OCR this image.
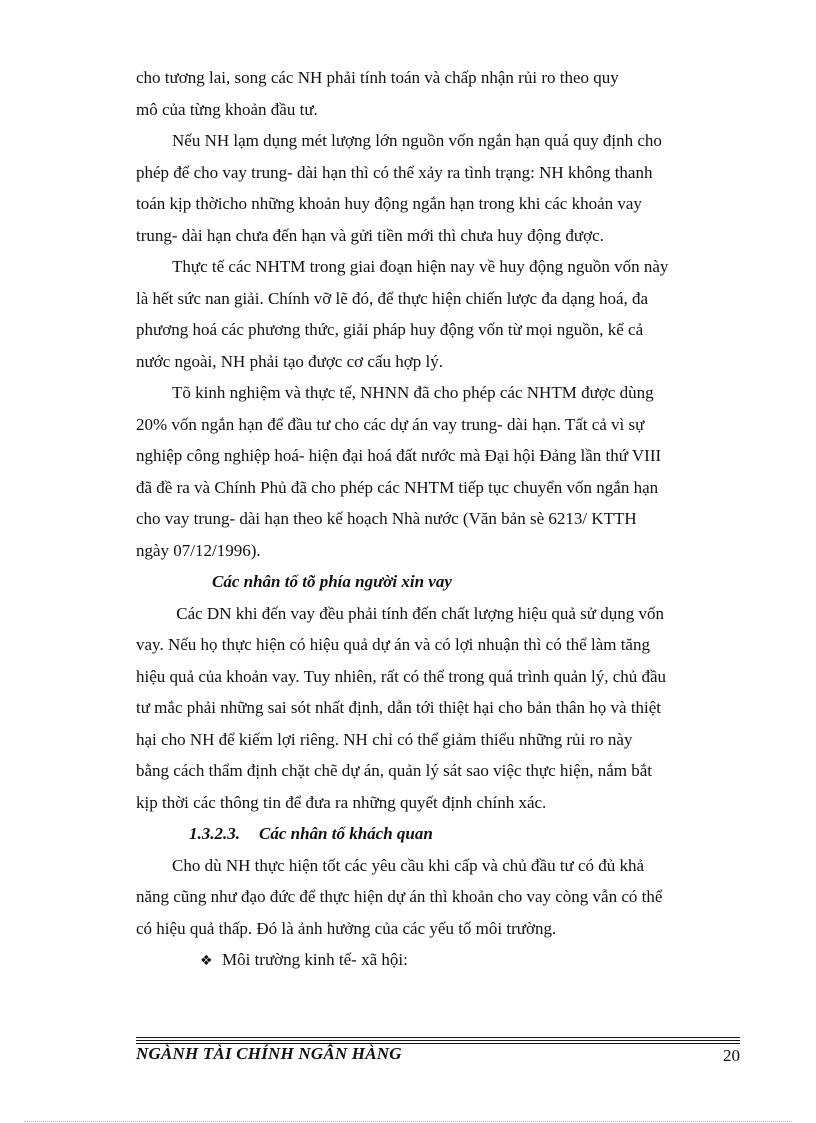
cho tương lai, song các NH phải tính toán và chấp nhận rủi ro theo quy
mô của từng khoản đầu tư.

Nếu NH lạm dụng mét lượng lớn nguồn vốn ngắn hạn quá quy định cho
phép để cho vay trung- dài hạn thì có thể xảy ra tình trạng: NH không thanh
toán kịp thờicho những khoản huy động ngắn hạn trong khi các khoản vay
trung- dài hạn chưa đến hạn và gửi tiền mới thì chưa huy động được.

Thực tế các NHTM trong giai đoạn hiện nay về huy động nguồn vốn này
là hết sức nan giải. Chính vỡ lẽ đó, để thực hiện chiến lược đa dạng hoá, đa
phương hoá các phương thức, giải pháp huy động vốn từ mọi nguồn, kể cả
nước ngoài, NH phải tạo được cơ cấu hợp lý.

Tõ kinh nghiệm và thực tế, NHNN đã cho phép các NHTM được dùng
20% vốn ngắn hạn để đầu tư cho các dự án vay trung- dài hạn. Tất cả vì sự
nghiệp công nghiệp hoá- hiện đại hoá đất nước mà Đại hội Đảng lần thứ VIII
đã đề ra và Chính Phủ đã cho phép các NHTM tiếp tục chuyển vốn ngắn hạn
cho vay trung- dài hạn theo kế hoạch Nhà nước (Văn bản sè 6213/ KTTH
ngày 07/12/1996).

Các nhân tố tõ phía người xin vay

Các DN khi đến vay đều phải tính đến chất lượng hiệu quả sử dụng vốn
vay. Nếu họ thực hiện có hiệu quả dự án và có lợi nhuận thì có thể làm tăng
hiệu quả của khoản vay. Tuy nhiên, rất có thể trong quá trình quản lý, chủ đầu
tư mắc phải những sai sót nhất định, dẫn tới thiệt hại cho bản thân họ và thiệt
hại cho NH để kiếm lợi riêng. NH chỉ có thể giảm thiểu những rủi ro này
bằng cách thẩm định chặt chẽ dự án, quản lý sát sao việc thực hiện, nắm bắt
kịp thời các thông tin để đưa ra những quyết định chính xác.

1.3.2.3. Các nhân tố khách quan

Cho dù NH thực hiện tốt các yêu cầu khi cấp và chủ đầu tư có đủ khả
năng cũng như đạo đức để thực hiện dự án thì khoản cho vay còng vẫn có thể
có hiệu quả thấp. Đó là ảnh hưởng của các yếu tố môi trường.

❖ Môi trường kinh tế- xã hội:

NGÀNH TÀI CHÍNH NGÂN HÀNG	20
